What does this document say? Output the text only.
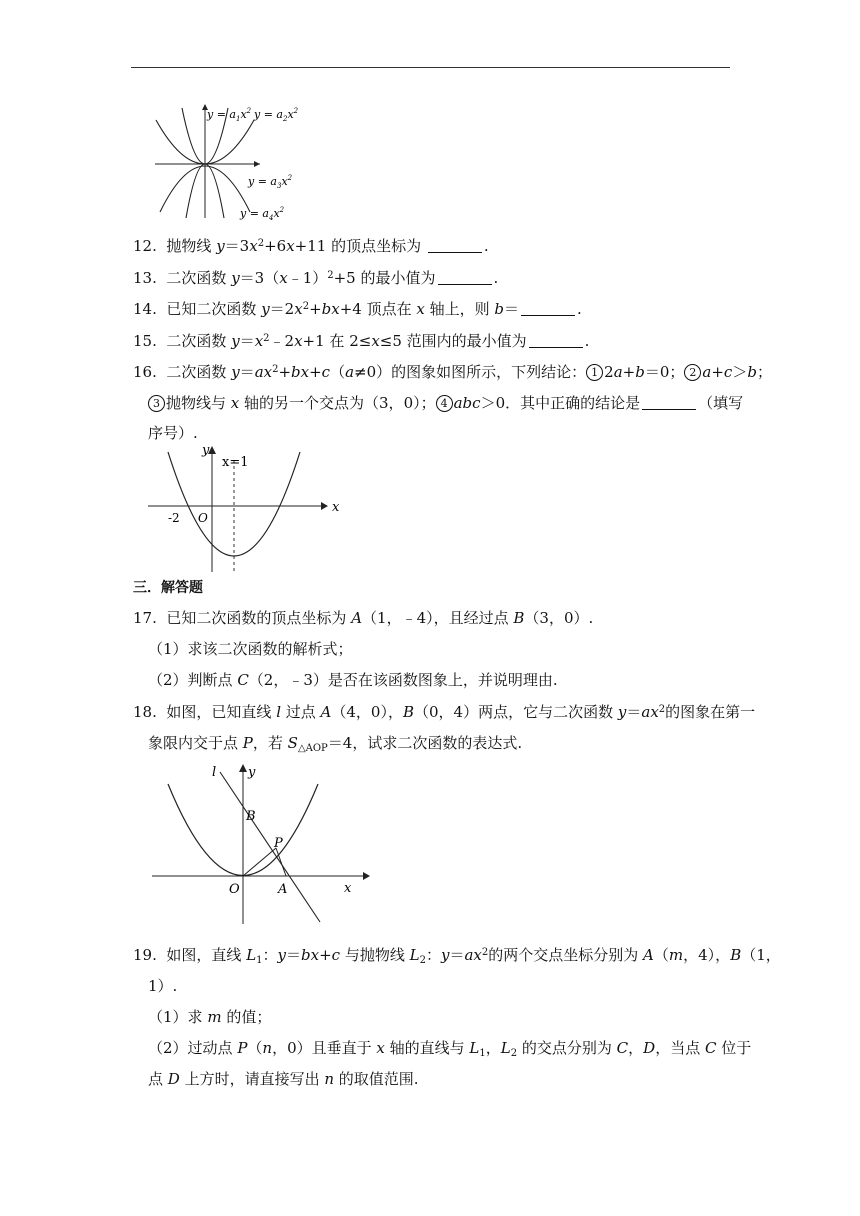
$y = a_1x^2$ $y = a_2x^2$
$y = a_3x^2$
$y = a_4x^2$
12. 抛物线 $y=3x^2+6x+11$ 的顶点坐标为	.
13. 二次函数 y＝3（x﹣1）$^2$+5 的最小值为	.
14. 已知二次函数 $y=2x^2+bx+4$ 顶点在 x 轴上，则 b＝	.
15. 二次函数 $y=x^2﹣2x+1$ 在 2≤x≤5 范围内的最小值为	.
16. 二次函数 $y=ax^2+bx+c(a\ne 0)$的图象如图所示，下列结论： 1 2a+b＝0； 2 a+c＞b；
3 抛物线与 x 轴的另一个交点为（3，0）； 4 abc＞0．其中正确的结论是	（填写
序号）.
y
x=1
x
-2 O
三．解答题
17. 已知二次函数的顶点坐标为 A（1，﹣4），且经过点 B（3，0）.
（1）求该二次函数的解析式；
（2）判断点 C（2，﹣3）是否在该函数图象上，并说明理由.
18. 如图，已知直线 l 过点 A（4，0），B（0，4）两点，它与二次函数 $y=ax^2$的图象在第一
象限内交于点 P，若 $S_{\triangle AOP}=4$，试求二次函数的表达式.
l y
B
P
O	A	x
19. 如图，直线 $L_1$：y＝bx+c 与抛物线 $L_2$：$y=ax^2$的两个交点坐标分别为 A（m，4），B（1，
1）.
（1）求 m 的值；
（2）过动点 P（n，0）且垂直于 x 轴的直线与 $L_1$，$L_2$ 的交点分别为 C，D，当点 C 位于
点 D 上方时，请直接写出 n 的取值范围.
